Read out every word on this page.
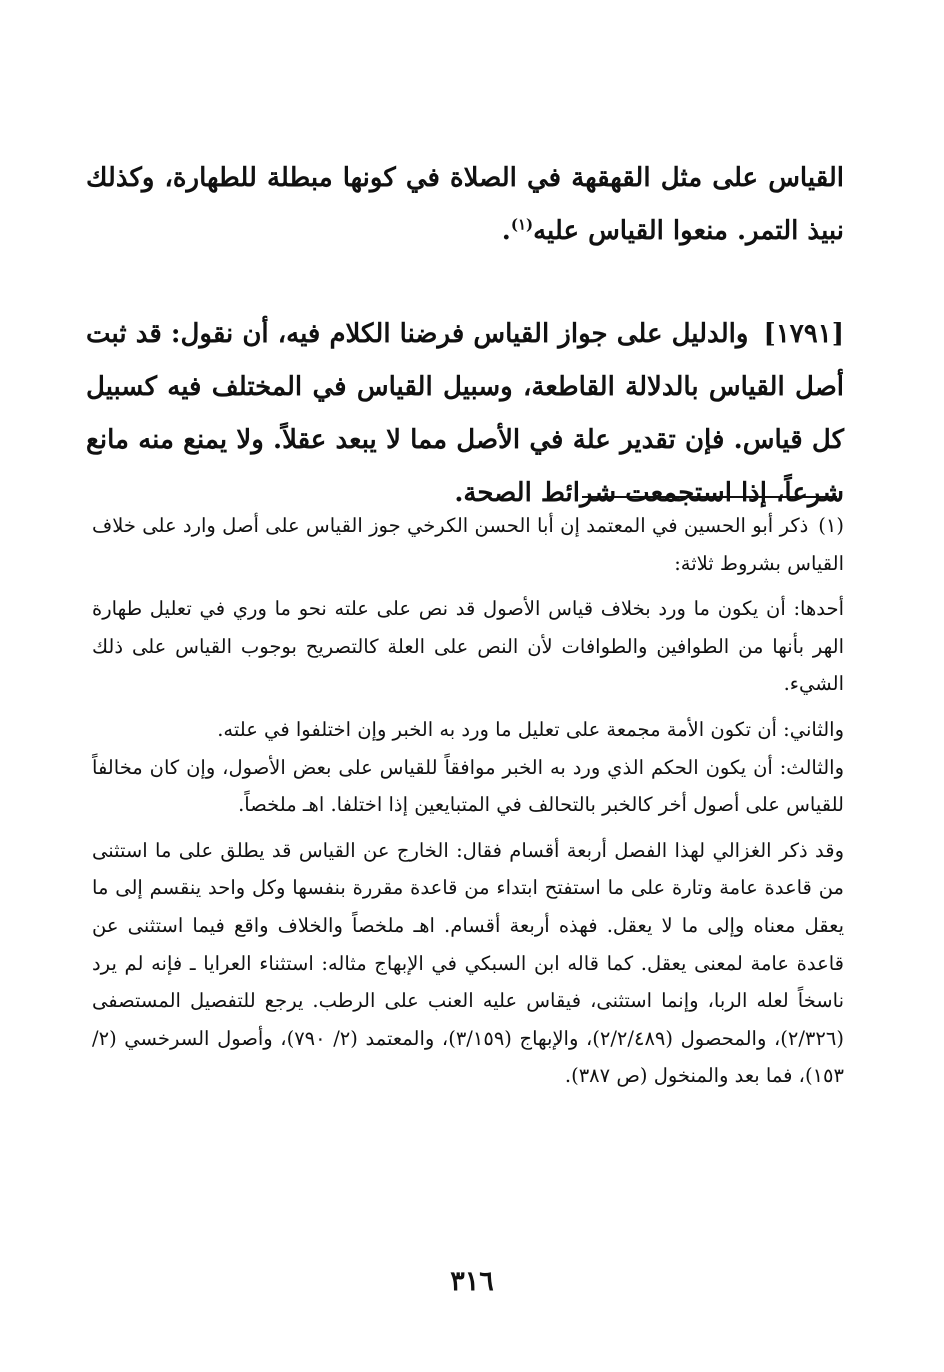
القياس على مثل القهقهة في الصلاة في كونها مبطلة للطهارة، وكذلك نبيذ التمر. منعوا القياس عليه$^{(١)}$.

[١٧٩١] والدليل على جواز القياس فرضنا الكلام فيه، أن نقول: قد ثبت أصل القياس بالدلالة القاطعة، وسبيل القياس في المختلف فيه كسبيل كل قياس. فإن تقدير علة في الأصل مما لا يبعد عقلاً. ولا يمنع منه مانع شرعاً، إذا استجمعت شرائط الصحة.

(١)ذكر أبو الحسين في المعتمد إن أبا الحسن الكرخي جوز القياس على أصل وارد على خلاف القياس بشروط ثلاثة:

أحدها: أن يكون ما ورد بخلاف قياس الأصول قد نص على علته نحو ما وري في تعليل طهارة الهر بأنها من الطوافين والطوافات لأن النص على العلة كالتصريح بوجوب القياس على ذلك الشيء.

والثاني: أن تكون الأمة مجمعة على تعليل ما ورد به الخبر وإن اختلفوا في علته.

والثالث: أن يكون الحكم الذي ورد به الخبر موافقاً للقياس على بعض الأصول، وإن كان مخالفاً للقياس على أصول أخر كالخبر بالتحالف في المتبايعين إذا اختلفا. اهـ ملخصاً.

وقد ذكر الغزالي لهذا الفصل أربعة أقسام فقال: الخارج عن القياس قد يطلق على ما استثنى من قاعدة عامة وتارة على ما استفتح ابتداء من قاعدة مقررة بنفسها وكل واحد ينقسم إلى ما يعقل معناه وإلى ما لا يعقل. فهذه أربعة أقسام. اهـ ملخصاً والخلاف واقع فيما استثنى عن قاعدة عامة لمعنى يعقل. كما قاله ابن السبكي في الإبهاج مثاله: استثناء العرايا ـ فإنه لم يرد ناسخاً لعله الربا، وإنما استثنى، فيقاس عليه العنب على الرطب. يرجع للتفصيل المستصفى (٢/٣٢٦)، والمحصول (٢/٢/٤٨٩)، والإبهاج (٣/١٥٩)، والمعتمد (٢/ ٧٩٠)، وأصول السرخسي (٢/ ١٥٣)، فما بعد والمنخول (ص ٣٨٧).

٣١٦
